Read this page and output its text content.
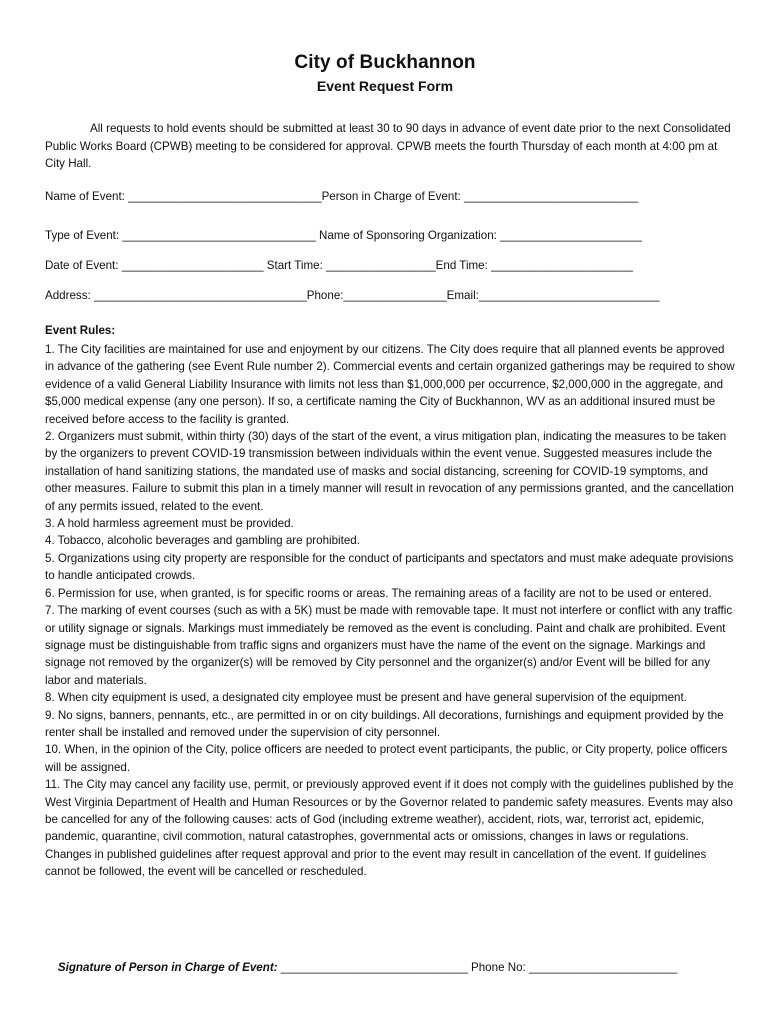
City of Buckhannon
Event Request Form
All requests to hold events should be submitted at least 30 to 90 days in advance of event date prior to the next Consolidated Public Works Board (CPWB) meeting to be considered for approval. CPWB meets the fourth Thursday of each month at 4:00 pm at City Hall.
Name of Event: ______________________________Person in Charge of Event: ___________________________
Type of Event: ______________________________ Name of Sponsoring Organization: ______________________
Date of Event: ______________________ Start Time: _________________End Time: ______________________
Address: _________________________________Phone:________________Email:____________________________
Event Rules:

1. The City facilities are maintained for use and enjoyment by our citizens. The City does require that all planned events be approved in advance of the gathering (see Event Rule number 2). Commercial events and certain organized gatherings may be required to show evidence of a valid General Liability Insurance with limits not less than $1,000,000 per occurrence, $2,000,000 in the aggregate, and $5,000 medical expense (any one person). If so, a certificate naming the City of Buckhannon, WV as an additional insured must be received before access to the facility is granted.

2. Organizers must submit, within thirty (30) days of the start of the event, a virus mitigation plan, indicating the measures to be taken by the organizers to prevent COVID-19 transmission between individuals within the event venue. Suggested measures include the installation of hand sanitizing stations, the mandated use of masks and social distancing, screening for COVID-19 symptoms, and other measures. Failure to submit this plan in a timely manner will result in revocation of any permissions granted, and the cancellation of any permits issued, related to the event.

3. A hold harmless agreement must be provided.

4. Tobacco, alcoholic beverages and gambling are prohibited.

5. Organizations using city property are responsible for the conduct of participants and spectators and must make adequate provisions to handle anticipated crowds.

6. Permission for use, when granted, is for specific rooms or areas. The remaining areas of a facility are not to be used or entered.

7. The marking of event courses (such as with a 5K) must be made with removable tape. It must not interfere or conflict with any traffic or utility signage or signals. Markings must immediately be removed as the event is concluding. Paint and chalk are prohibited. Event signage must be distinguishable from traffic signs and organizers must have the name of the event on the signage. Markings and signage not removed by the organizer(s) will be removed by City personnel and the organizer(s) and/or Event will be billed for any labor and materials.

8. When city equipment is used, a designated city employee must be present and have general supervision of the equipment.

9. No signs, banners, pennants, etc., are permitted in or on city buildings. All decorations, furnishings and equipment provided by the renter shall be installed and removed under the supervision of city personnel.

10. When, in the opinion of the City, police officers are needed to protect event participants, the public, or City property, police officers will be assigned.

11. The City may cancel any facility use, permit, or previously approved event if it does not comply with the guidelines published by the West Virginia Department of Health and Human Resources or by the Governor related to pandemic safety measures. Events may also be cancelled for any of the following causes: acts of God (including extreme weather), accident, riots, war, terrorist act, epidemic, pandemic, quarantine, civil commotion, natural catastrophes, governmental acts or omissions, changes in laws or regulations. Changes in published guidelines after request approval and prior to the event may result in cancellation of the event. If guidelines cannot be followed, the event will be cancelled or rescheduled.

Signature of Person in Charge of Event: _____________________________ Phone No: _______________________
